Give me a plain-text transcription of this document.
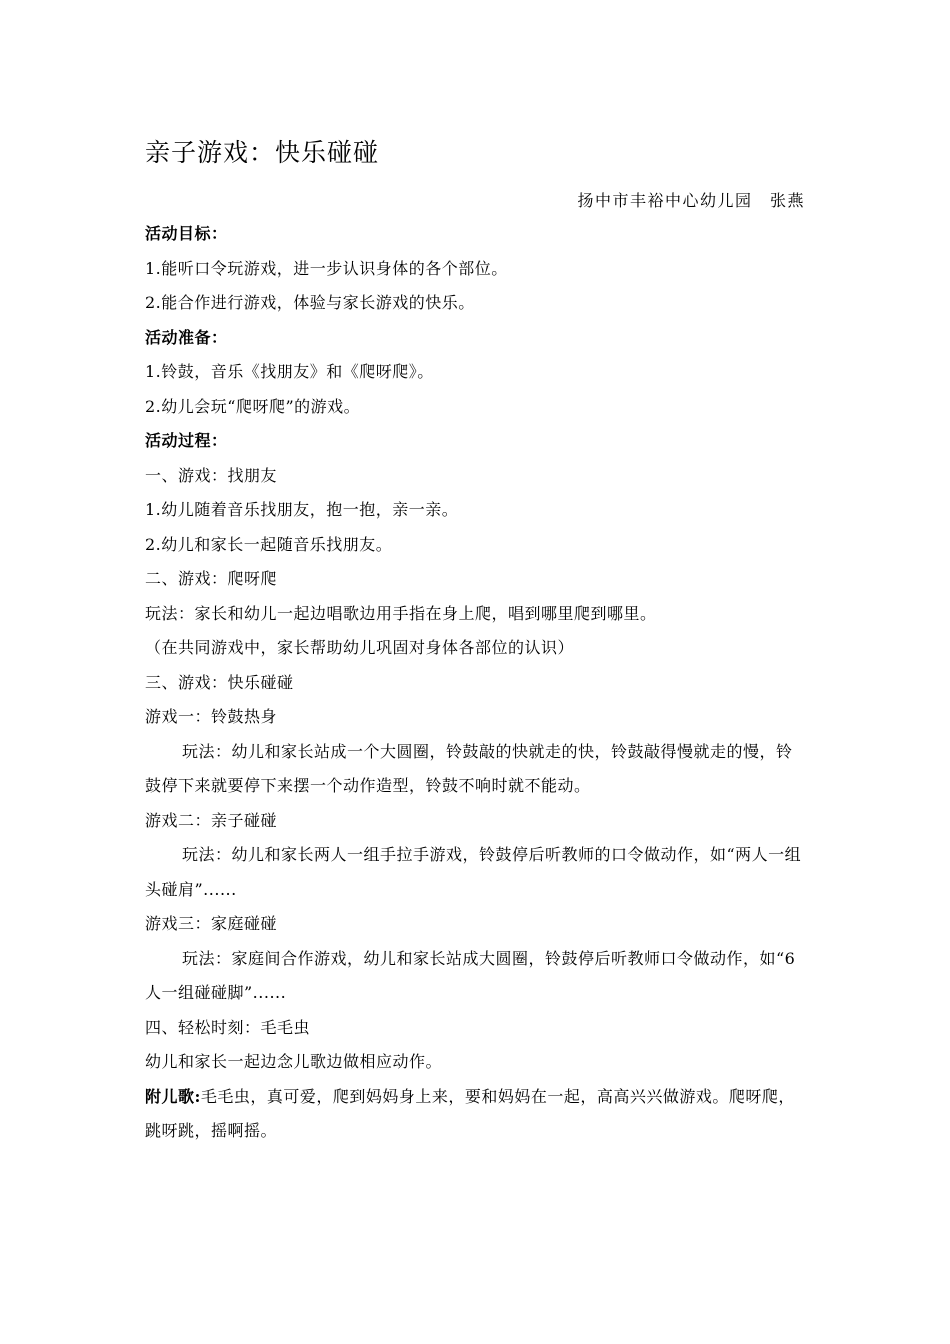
亲子游戏：快乐碰碰
扬中市丰裕中心幼儿园　张燕

活动目标：

1.能听口令玩游戏，进一步认识身体的各个部位。

2.能合作进行游戏，体验与家长游戏的快乐。

活动准备：

1.铃鼓，音乐《找朋友》和《爬呀爬》。

2.幼儿会玩“爬呀爬”的游戏。

活动过程：

一、游戏：找朋友

1.幼儿随着音乐找朋友，抱一抱，亲一亲。

2.幼儿和家长一起随音乐找朋友。

二、游戏：爬呀爬

玩法：家长和幼儿一起边唱歌边用手指在身上爬，唱到哪里爬到哪里。

（在共同游戏中，家长帮助幼儿巩固对身体各部位的认识）

三、游戏：快乐碰碰

游戏一：铃鼓热身

玩法：幼儿和家长站成一个大圆圈，铃鼓敲的快就走的快，铃鼓敲得慢就走的慢，铃鼓停下来就要停下来摆一个动作造型，铃鼓不响时就不能动。

游戏二：亲子碰碰

玩法：幼儿和家长两人一组手拉手游戏，铃鼓停后听教师的口令做动作，如“两人一组头碰肩”......

游戏三：家庭碰碰

玩法：家庭间合作游戏，幼儿和家长站成大圆圈，铃鼓停后听教师口令做动作，如“6人一组碰碰脚”......

四、轻松时刻：毛毛虫

幼儿和家长一起边念儿歌边做相应动作。

附儿歌:毛毛虫，真可爱，爬到妈妈身上来，要和妈妈在一起，高高兴兴做游戏。爬呀爬，跳呀跳，摇啊摇。
